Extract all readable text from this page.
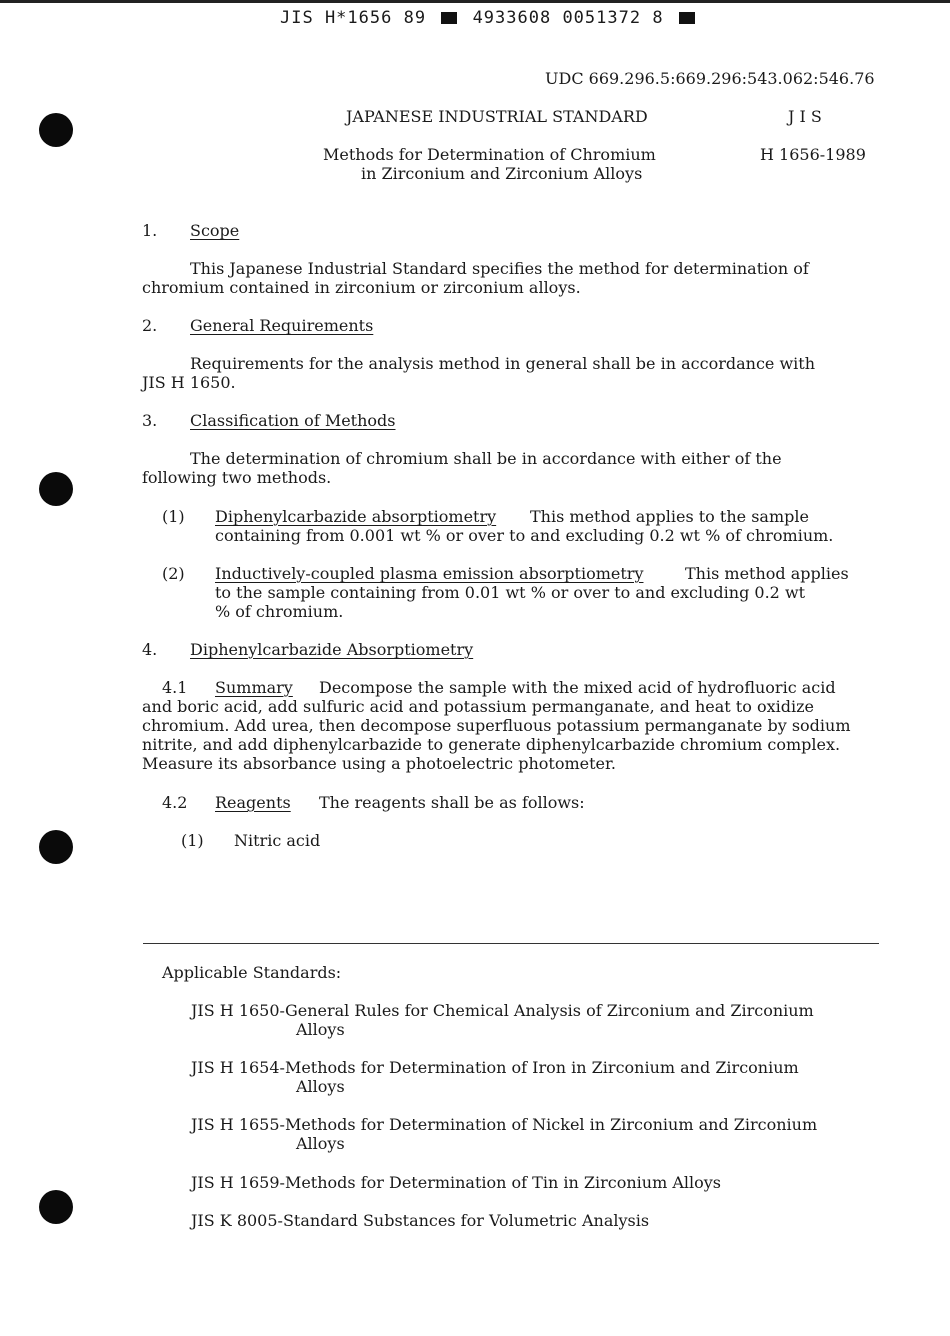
JIS H*1656 89	4933608 0051372 8
UDC 669.296.5:669.296:543.062:546.76
JAPANESE INDUSTRIAL STANDARD	J I S
Methods for Determination of Chromium
in Zirconium and Zirconium Alloys
H 1656-1989
1. Scope
This Japanese Industrial Standard specifies the method for determination of
chromium contained in zirconium or zirconium alloys.
2. General Requirements
Requirements for the analysis method in general shall be in accordance with
JIS H 1650.
3. Classification of Methods
The determination of chromium shall be in accordance with either of the
following two methods.
(1) Diphenylcarbazide absorptiometry This method applies to the sample
containing from 0.001 wt % or over to and excluding 0.2 wt % of chromium.
(2) Inductively-coupled plasma emission absorptiometry	This method applies
to the sample containing from 0.01 wt % or over to and excluding 0.2 wt
% of chromium.
4. Diphenylcarbazide Absorptiometry
4.1 Summary Decompose the sample with the mixed acid of hydrofluoric acid
and boric acid, add sulfuric acid and potassium permanganate, and heat to oxidize
chromium. Add urea, then decompose superfluous potassium permanganate by sodium
nitrite, and add diphenylcarbazide to generate diphenylcarbazide chromium complex.
Measure its absorbance using a photoelectric photometer.
4.2 Reagents The reagents shall be as follows:
(1) Nitric acid
Applicable Standards:
JIS H 1650-General Rules for Chemical Analysis of Zirconium and Zirconium
Alloys
JIS H 1654-Methods for Determination of Iron in Zirconium and Zirconium
Alloys
JIS H 1655-Methods for Determination of Nickel in Zirconium and Zirconium
Alloys
JIS H 1659-Methods for Determination of Tin in Zirconium Alloys
JIS K 8005-Standard Substances for Volumetric Analysis
